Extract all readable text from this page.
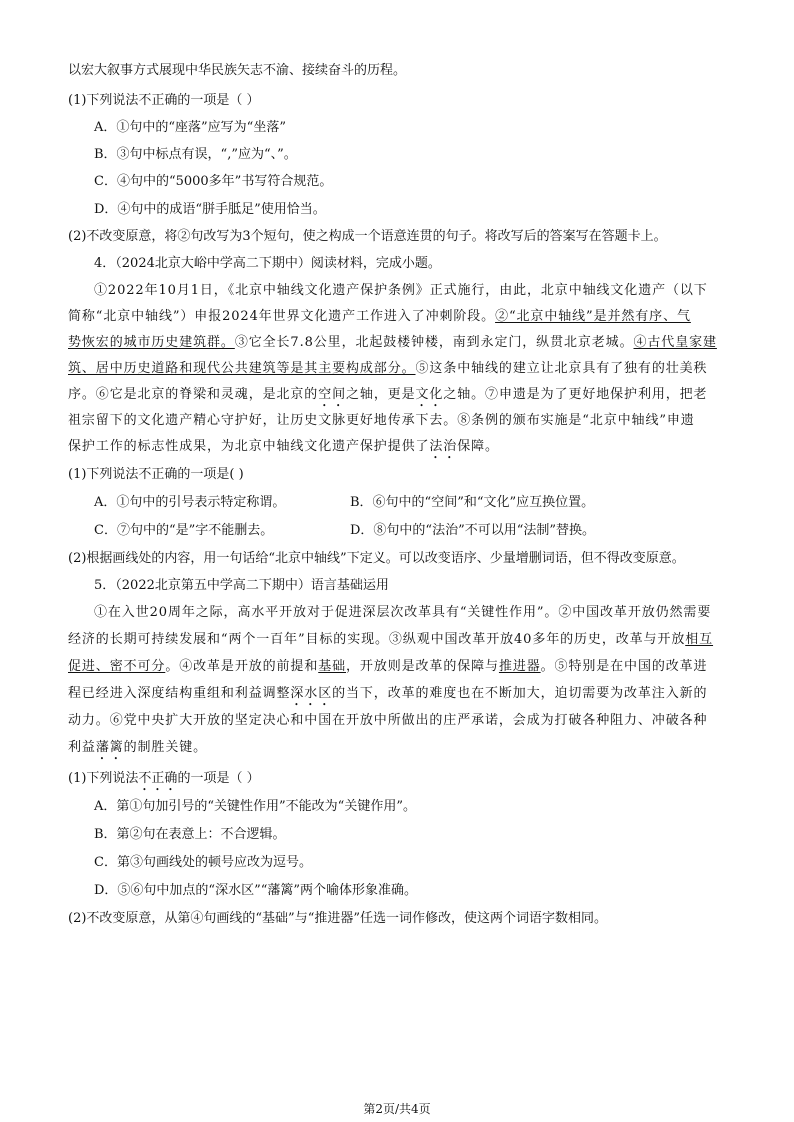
以宏大叙事方式展现中华民族矢志不渝、接续奋斗的历程。
(1)下列说法不正确的一项是（ ）
A．①句中的“座落”应写为“坐落”
B．③句中标点有误，“,”应为“、”。
C．④句中的“5000多年”书写符合规范。
D．④句中的成语“胼手胝足”使用恰当。
(2)不改变原意，将②句改写为3个短句，使之构成一个语意连贯的句子。将改写后的答案写在答题卡上。
4．（2024北京大峪中学高二下期中）阅读材料，完成小题。
①2022年10月1日，《北京中轴线文化遗产保护条例》正式施行，由此，北京中轴线文化遗产（以下
简称“北京中轴线”）申报2024年世界文化遗产工作进入了冲刺阶段。②“北京中轴线”是并然有序、气
势恢宏的城市历史建筑群。③它全长7.8公里，北起鼓楼钟楼，南到永定门，纵贯北京老城。④古代皇家建
筑、居中历史道路和现代公共建筑等是其主要构成部分。⑤这条中轴线的建立让北京具有了独有的壮美秩
序。⑥它是北京的脊梁和灵魂，是北京的空间之轴，更是文化之轴。⑦申遗是为了更好地保护利用，把老
祖宗留下的文化遗产精心守护好，让历史文脉更好地传承下去。⑧条例的颁布实施是“北京中轴线”申遗
保护工作的标志性成果，为北京中轴线文化遗产保护提供了法治保障。
(1)下列说法不正确的一项是( )
A．①句中的引号表示特定称谓。	B．⑥句中的“空间”和“文化”应互换位置。
C．⑦句中的“是”字不能删去。	D．⑧句中的“法治”不可以用“法制”替换。
(2)根据画线处的内容，用一句话给“北京中轴线”下定义。可以改变语序、少量增删词语，但不得改变原意。
5．（2022北京第五中学高二下期中）语言基础运用
①在入世20周年之际，高水平开放对于促进深层次改革具有“关键性作用”。②中国改革开放仍然需要
经济的长期可持续发展和“两个一百年”目标的实现。③纵观中国改革开放40多年的历史，改革与开放相互
促进、密不可分。④改革是开放的前提和基础，开放则是改革的保障与推进器。⑤特别是在中国的改革进
程已经进入深度结构重组和利益调整深水区的当下，改革的难度也在不断加大，迫切需要为改革注入新的
动力。⑥党中央扩大开放的坚定决心和中国在开放中所做出的庄严承诺，会成为打破各种阻力、冲破各种
利益藩篱的制胜关键。
(1)下列说法不正确的一项是（ ）
A．第①句加引号的“关键性作用”不能改为“关键作用”。
B．第②句在表意上：不合逻辑。
C．第③句画线处的顿号应改为逗号。
D．⑤⑥句中加点的“深水区”“藩篱”两个喻体形象准确。
(2)不改变原意，从第④句画线的“基础”与“推进器”任选一词作修改，使这两个词语字数相同。
第2页/共4页
